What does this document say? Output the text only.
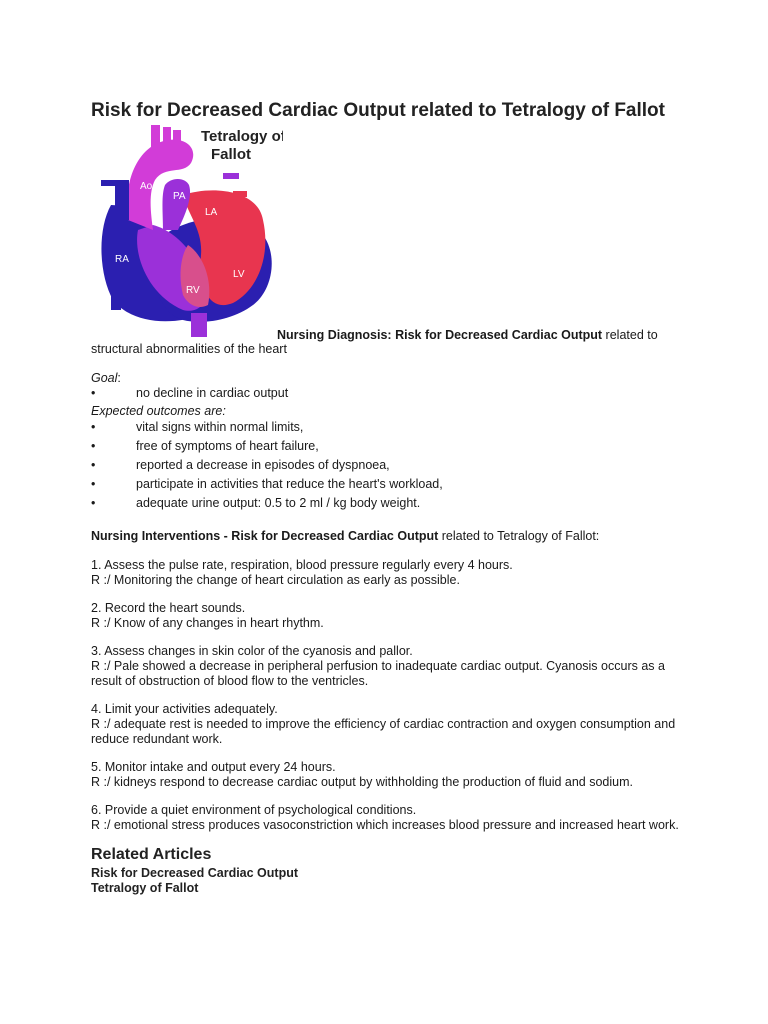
Risk for Decreased Cardiac Output related to Tetralogy of Fallot
Tetralogy of
Fallot
Ao
PA
LA
RA
LV
RV
Nursing Diagnosis: Risk for Decreased Cardiac Output related to
structural abnormalities of the heart
Goal:
•	no decline in cardiac output
Expected outcomes are:
•	vital signs within normal limits,
•	free of symptoms of heart failure,
•	reported a decrease in episodes of dyspnoea,
•	participate in activities that reduce the heart's workload,
•	adequate urine output: 0.5 to 2 ml / kg body weight.
Nursing Interventions - Risk for Decreased Cardiac Output related to Tetralogy of Fallot:

1. Assess the pulse rate, respiration, blood pressure regularly every 4 hours.

R :/ Monitoring the change of heart circulation as early as possible.

2. Record the heart sounds.

R :/ Know of any changes in heart rhythm.

3. Assess changes in skin color of the cyanosis and pallor.

R :/ Pale showed a decrease in peripheral perfusion to inadequate cardiac output. Cyanosis occurs as a result of obstruction of blood flow to the ventricles.

4. Limit your activities adequately.

R :/ adequate rest is needed to improve the efficiency of cardiac contraction and oxygen consumption and reduce redundant work.

5. Monitor intake and output every 24 hours.

R :/ kidneys respond to decrease cardiac output by withholding the production of fluid and sodium.

6. Provide a quiet environment of psychological conditions.

R :/ emotional stress produces vasoconstriction which increases blood pressure and increased heart work.

Related Articles
Risk for Decreased Cardiac Output
Tetralogy of Fallot
